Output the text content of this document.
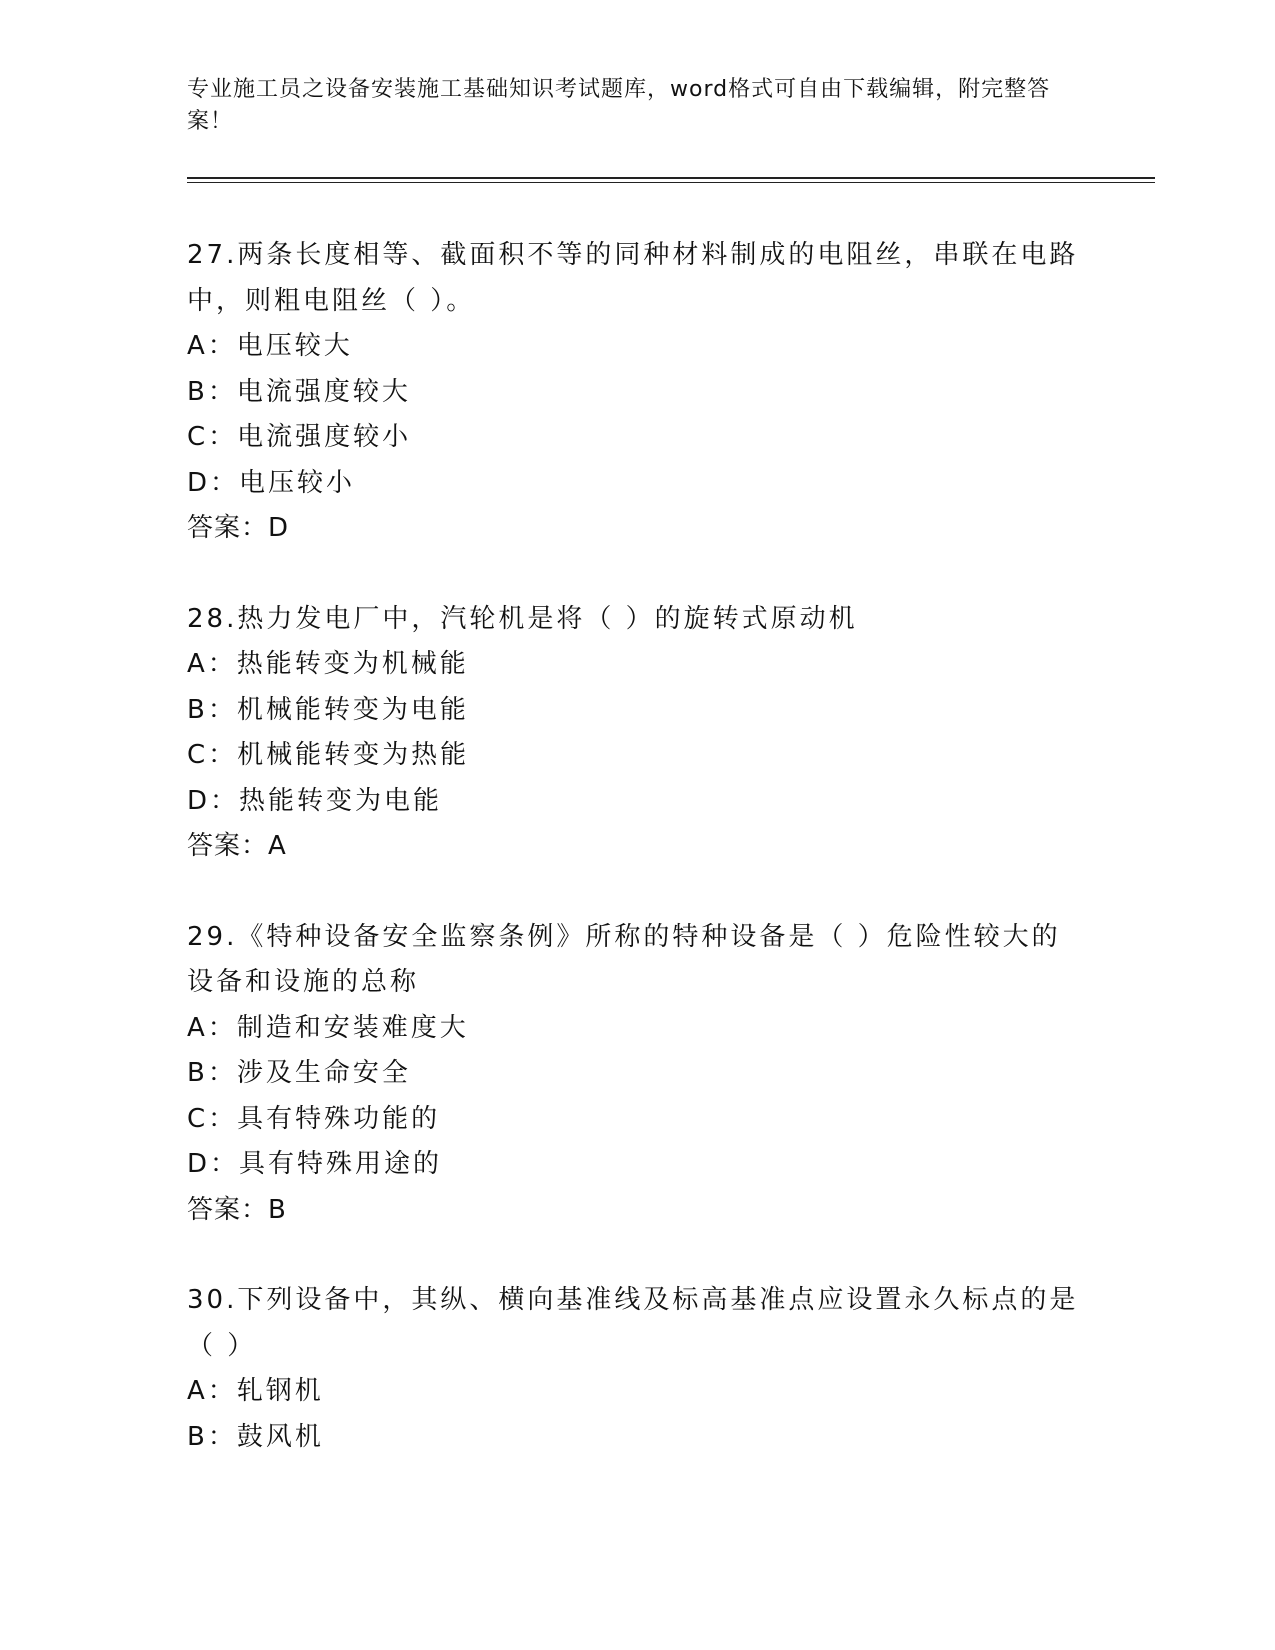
专业施工员之设备安装施工基础知识考试题库，word格式可自由下载编辑，附完整答案！

27.两条长度相等、截面积不等的同种材料制成的电阻丝，串联在电路中，则粗电阻丝（ ）。

A：电压较大
B：电流强度较大
C：电流强度较小
D：电压较小
答案：D

28.热力发电厂中，汽轮机是将（ ）的旋转式原动机

A：热能转变为机械能
B：机械能转变为电能
C：机械能转变为热能
D：热能转变为电能
答案：A

29.《特种设备安全监察条例》所称的特种设备是（ ）危险性较大的设备和设施的总称

A：制造和安装难度大
B：涉及生命安全
C：具有特殊功能的
D：具有特殊用途的
答案：B

30.下列设备中，其纵、横向基准线及标高基准点应设置永久标点的是（ ）

A：轧钢机
B：鼓风机
